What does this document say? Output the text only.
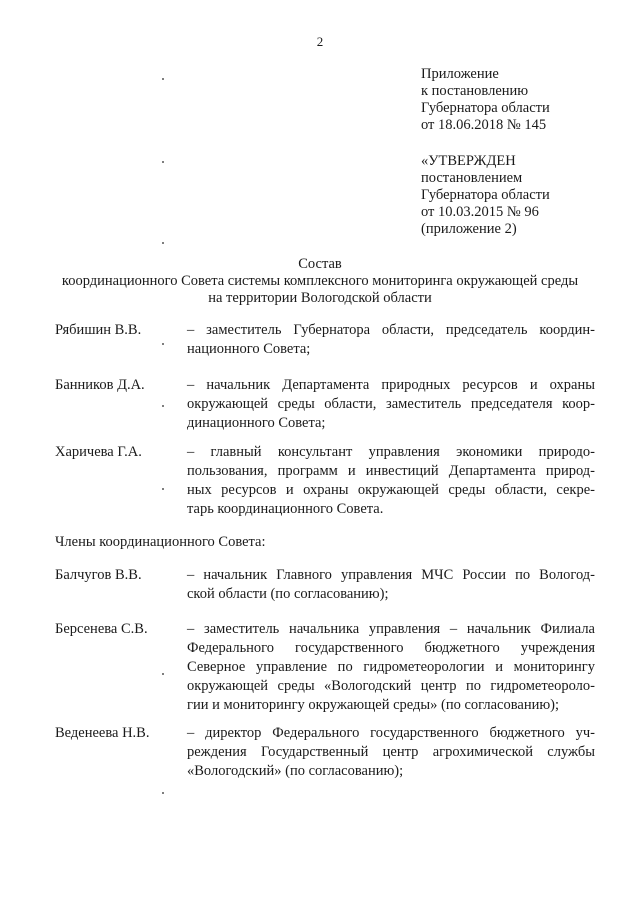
2
Приложение
к постановлению
Губернатора области
от 18.06.2018 № 145
«УТВЕРЖДЕН
постановлением
Губернатора области
от 10.03.2015 № 96
(приложение 2)
Состав
координационного Совета системы комплексного мониторинга окружающей среды
на территории Вологодской области
Рябишин В.В.	– заместитель Губернатора области, председатель координ-
национного Совета;
Банников Д.А.	– начальник Департамента природных ресурсов и охраны
окружающей среды области, заместитель председателя коор-
динационного Совета;
Харичева Г.А.	– главный консультант управления экономики природо-
пользования, программ и инвестиций Департамента природ-
ных ресурсов и охраны окружающей среды области, секре-
тарь координационного Совета.
Члены координационного Совета:
Балчугов В.В.	– начальник Главного управления МЧС России по Вологод-
ской области (по согласованию);
Берсенева С.В.	– заместитель начальника управления – начальник Филиала
Федерального государственного бюджетного учреждения
Северное управление по гидрометеорологии и мониторингу
окружающей среды «Вологодский центр по гидрометеороло-
гии и мониторингу окружающей среды» (по согласованию);
Веденеева Н.В.	– директор Федерального государственного бюджетного уч-
реждения Государственный центр агрохимической службы
«Вологодский» (по согласованию);
